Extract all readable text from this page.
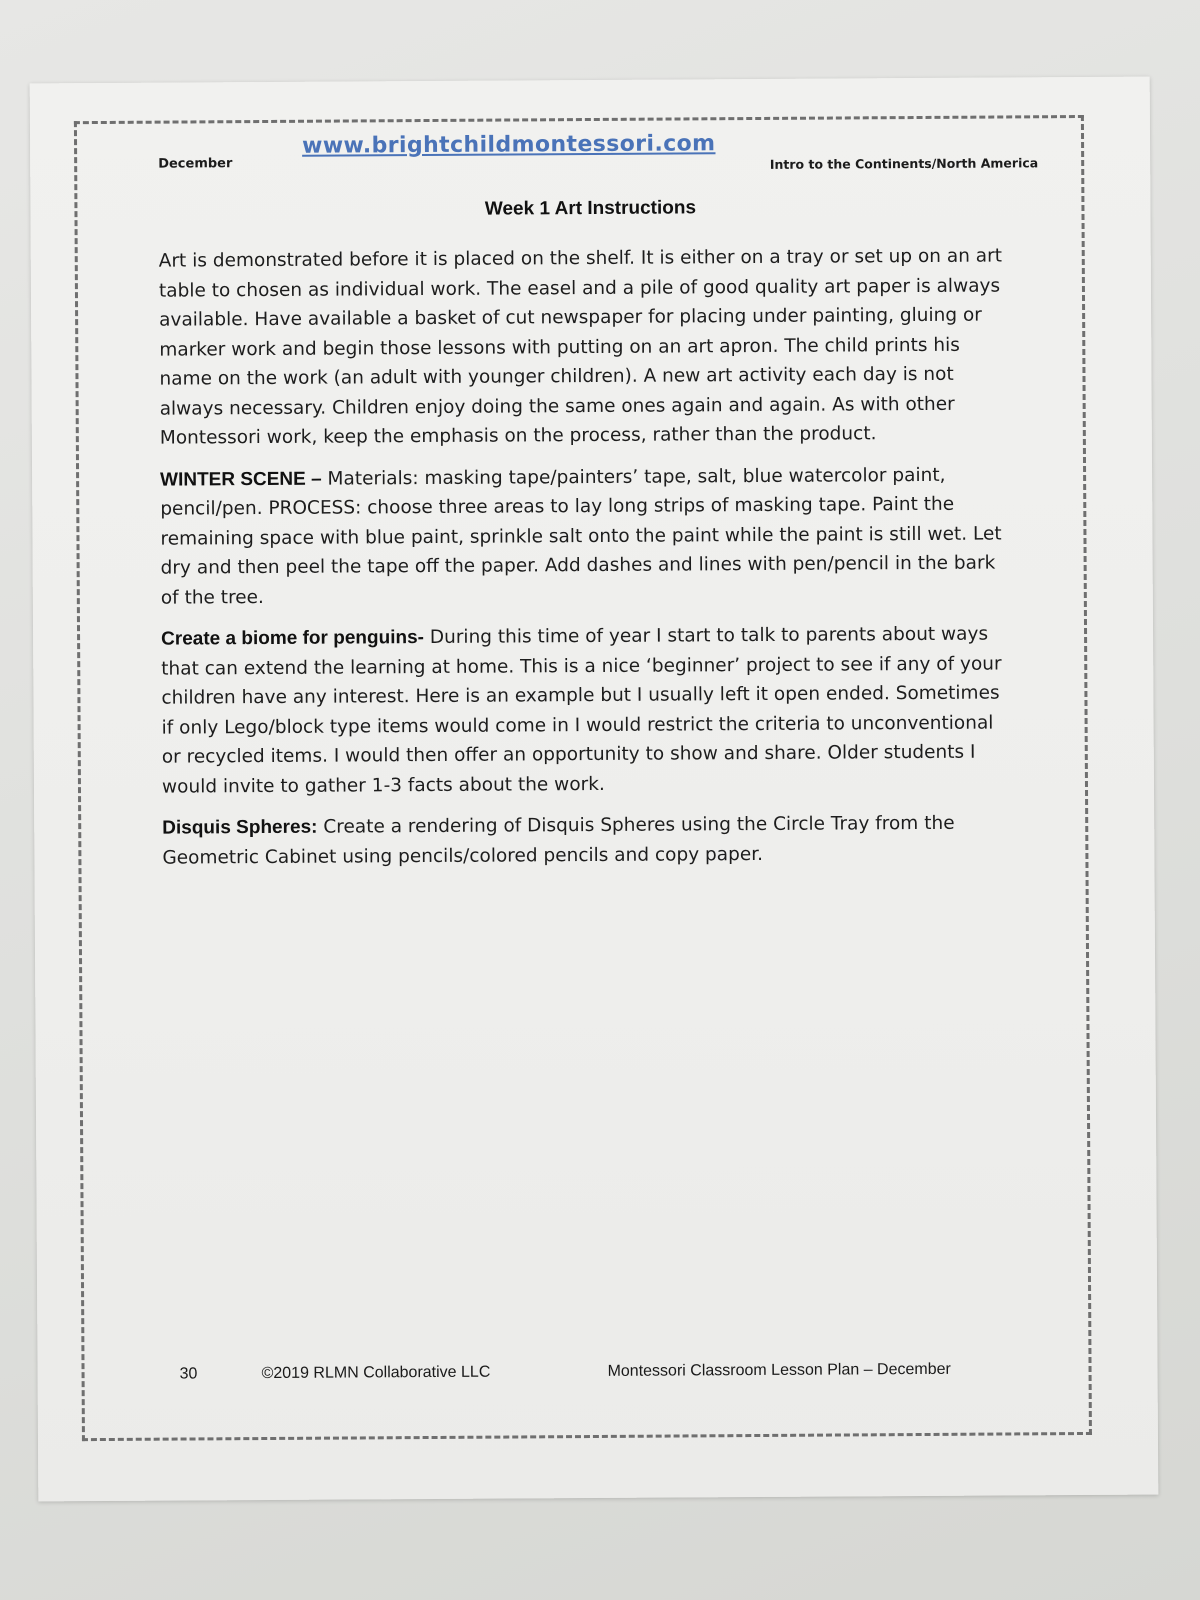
December
www.brightchildmontessori.com
Intro to the Continents/North America
Week 1 Art Instructions

Art is demonstrated before it is placed on the shelf. It is either on a tray or set up on an art table to chosen as individual work. The easel and a pile of good quality art paper is always available. Have available a basket of cut newspaper for placing under painting, gluing or marker work and begin those lessons with putting on an art apron. The child prints his name on the work (an adult with younger children). A new art activity each day is not always necessary. Children enjoy doing the same ones again and again. As with other Montessori work, keep the emphasis on the process, rather than the product.

WINTER SCENE – Materials: masking tape/painters’ tape, salt, blue watercolor paint, pencil/pen. PROCESS: choose three areas to lay long strips of masking tape. Paint the remaining space with blue paint, sprinkle salt onto the paint while the paint is still wet. Let dry and then peel the tape off the paper. Add dashes and lines with pen/pencil in the bark of the tree.

Create a biome for penguins- During this time of year I start to talk to parents about ways that can extend the learning at home. This is a nice ‘beginner’ project to see if any of your children have any interest. Here is an example but I usually left it open ended. Sometimes if only Lego/block type items would come in I would restrict the criteria to unconventional or recycled items. I would then offer an opportunity to show and share. Older students I would invite to gather 1-3 facts about the work.

Disquis Spheres: Create a rendering of Disquis Spheres using the Circle Tray from the Geometric Cabinet using pencils/colored pencils and copy paper.

30	©2019 RLMN Collaborative LLC	Montessori Classroom Lesson Plan – December
